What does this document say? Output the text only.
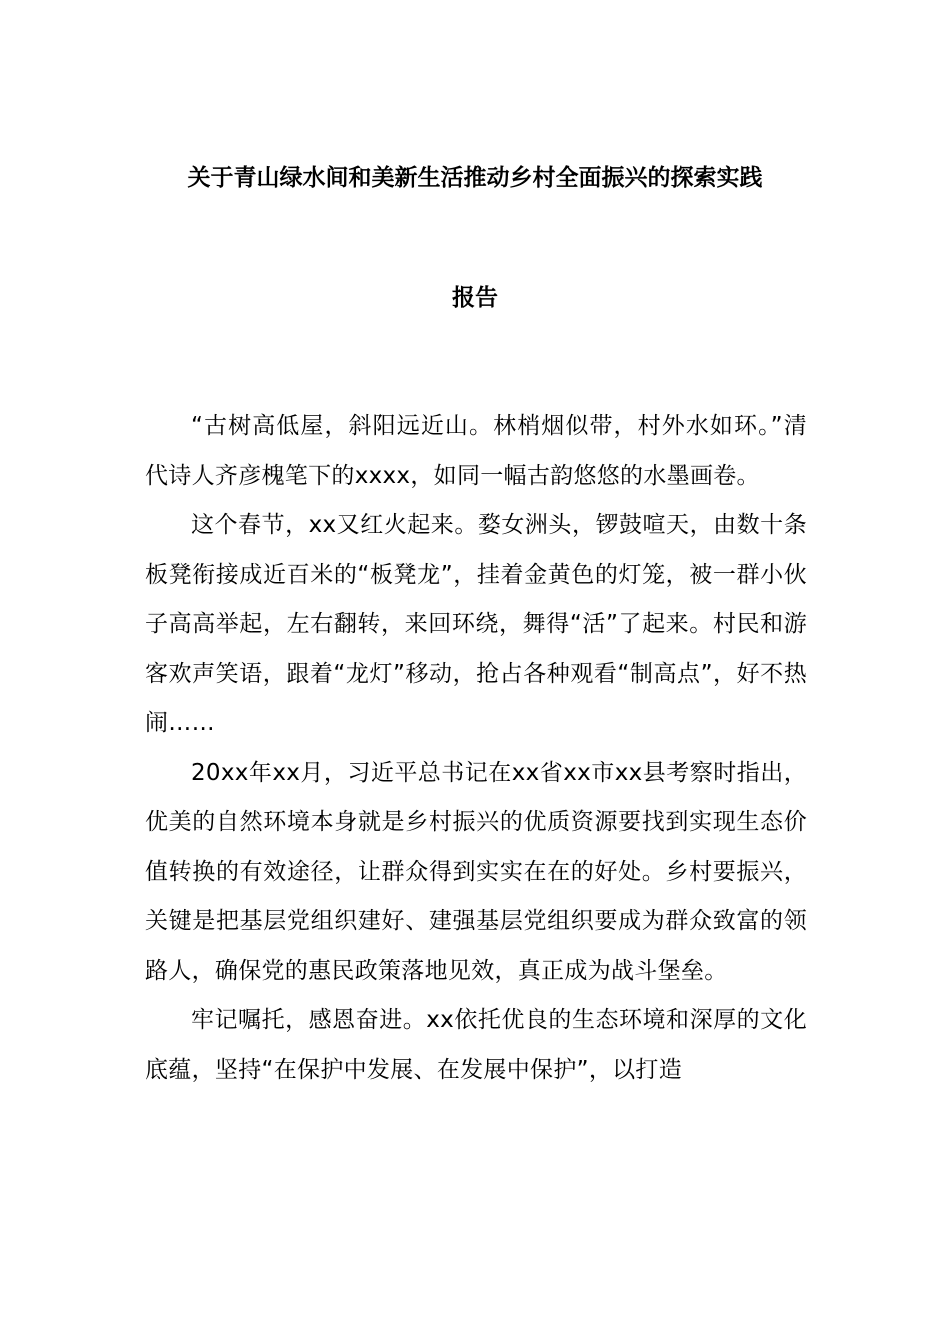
关于青山绿水间和美新生活推动乡村全面振兴的探索实践
报告

“古树高低屋，斜阳远近山。林梢烟似带，村外水如环。”清代诗人齐彦槐笔下的xxxx，如同一幅古韵悠悠的水墨画卷。

这个春节，xx又红火起来。婺女洲头，锣鼓喧天，由数十条板凳衔接成近百米的“板凳龙”，挂着金黄色的灯笼，被一群小伙子高高举起，左右翻转，来回环绕，舞得“活”了起来。村民和游客欢声笑语，跟着“龙灯”移动，抢占各种观看“制高点”，好不热闹……

20xx年xx月，习近平总书记在xx省xx市xx县考察时指出，优美的自然环境本身就是乡村振兴的优质资源要找到实现生态价值转换的有效途径，让群众得到实实在在的好处。乡村要振兴，关键是把基层党组织建好、建强基层党组织要成为群众致富的领路人，确保党的惠民政策落地见效，真正成为战斗堡垒。

牢记嘱托，感恩奋进。xx依托优良的生态环境和深厚的文化底蕴，坚持“在保护中发展、在发展中保护”，以打造
